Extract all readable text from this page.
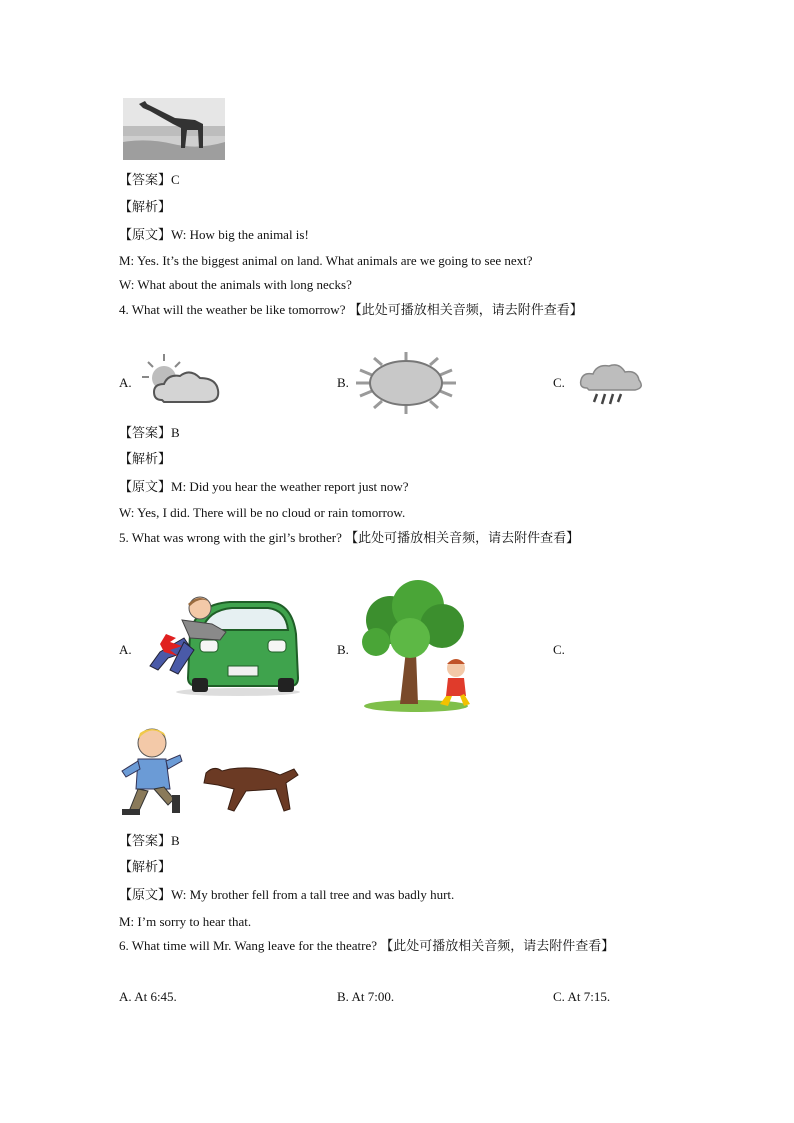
【答案】C
【解析】
【原文】W: How big the animal is!
M: Yes. It’s the biggest animal on land. What animals are we going to see next?
W: What about the animals with long necks?
4. What will the weather be like tomorrow? 【此处可播放相关音频，请去附件查看】
A.	B.	C.
【答案】B
【解析】
【原文】M: Did you hear the weather report just now?
W: Yes, I did. There will be no cloud or rain tomorrow.
5. What was wrong with the girl’s brother? 【此处可播放相关音频，请去附件查看】
A.	B.	C.
【答案】B
【解析】
【原文】W: My brother fell from a tall tree and was badly hurt.
M: I’m sorry to hear that.
6. What time will Mr. Wang leave for the theatre? 【此处可播放相关音频，请去附件查看】
A. At 6:45.	B. At 7:00.	C. At 7:15.
